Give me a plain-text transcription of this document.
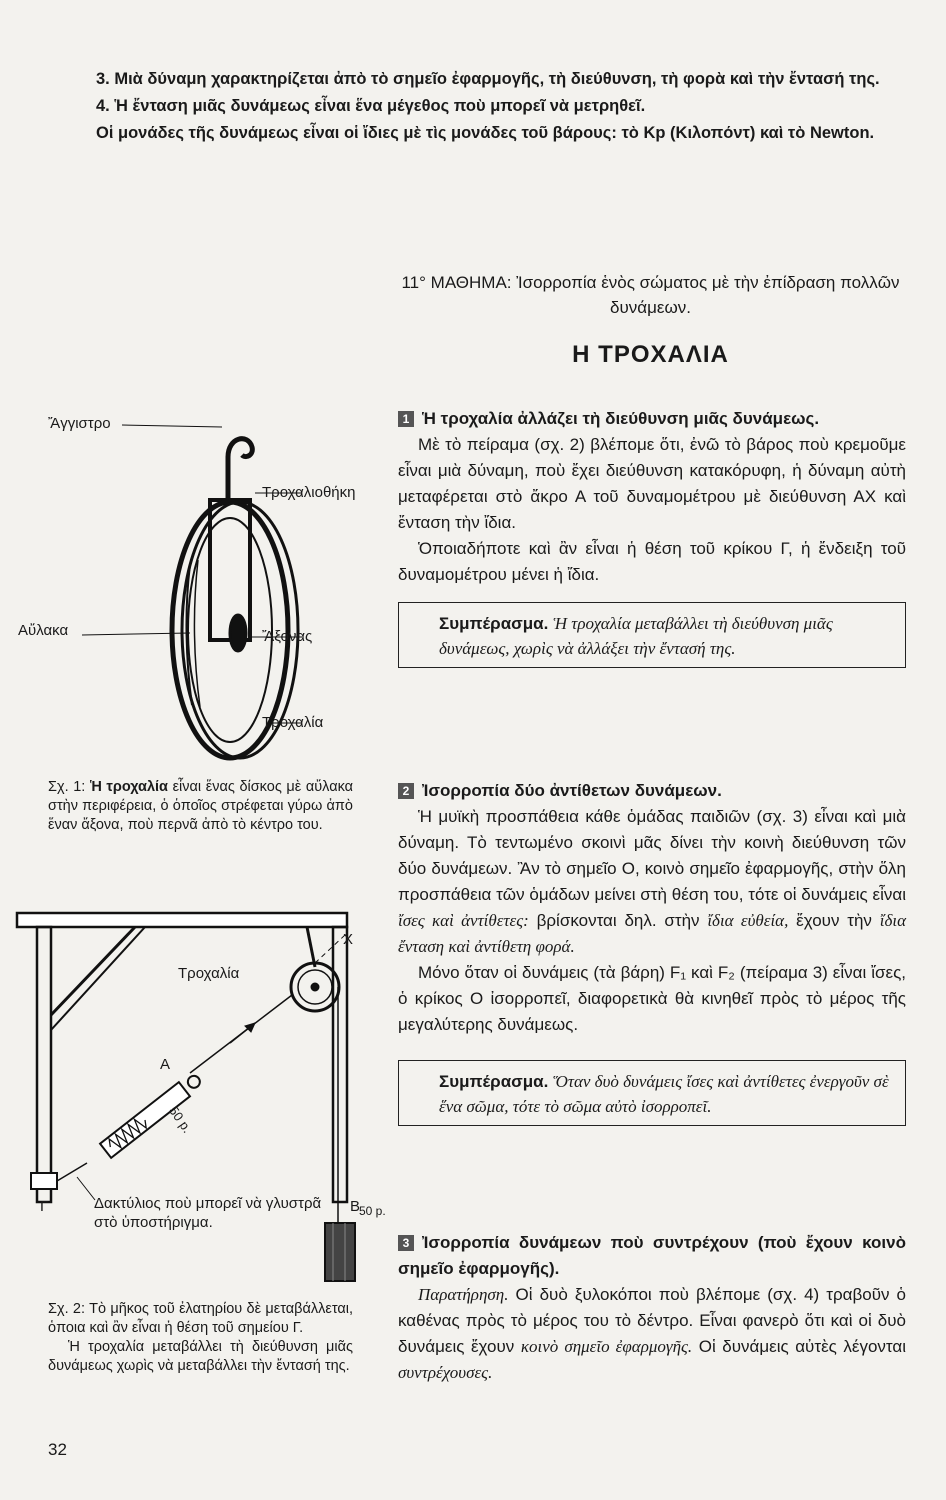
3. Μιὰ δύναμη χαρακτηρίζεται ἀπὸ τὸ σημεῖο ἐφαρμογῆς, τὴ διεύθυνση, τὴ φορὰ καὶ τὴν ἔντασή της.
4. Ἡ ἔνταση μιᾶς δυνάμεως εἶναι ἕνα μέγεθος ποὺ μπορεῖ νὰ μετρηθεῖ.
Οἱ μονάδες τῆς δυνάμεως εἶναι οἱ ἴδιες μὲ τὶς μονάδες τοῦ βάρους: τὸ Kp (Κιλοπόντ) καὶ τὸ Newton.
Ἄγγιστρο
Τροχαλιοθήκη
Αὔλακα	Ἄξονας
Τροχαλία
Σχ. 1: Ἡ τροχαλία εἶναι ἕνας δίσκος μὲ αὔλακα στὴν περιφέρεια, ὁ ὁποῖος στρέφεται γύρω ἀπὸ ἕναν ἄξονα, ποὺ περνᾶ ἀπὸ τὸ κέντρο του.
Τροχαλία
X
A
50 p.
Γ	B
50 p.
Δακτύλιος ποὺ μπορεῖ νὰ γλυστρᾶ στὸ ὑποστήριγμα.

Σχ. 2: Τὸ μῆκος τοῦ ἐλατηρίου δὲ μεταβάλλεται, ὁποια καὶ ἂν εἶναι ἡ θέση τοῦ σημείου Γ.

Ἡ τροχαλία μεταβάλλει τὴ διεύθυνση μιᾶς δυνάμεως χωρὶς νὰ μεταβάλλει τὴν ἔντασή της.

32
11° ΜΑΘΗΜΑ: Ἰσορροπία ἑνὸς σώματος μὲ τὴν ἐπίδραση πολλῶν δυνάμεων.
Η ΤΡΟΧΑΛΙΑ

1 Ἡ τροχαλία ἀλλάζει τὴ διεύθυνση μιᾶς δυνάμεως.

Μὲ τὸ πείραμα (σχ. 2) βλέπομε ὅτι, ἐνῶ τὸ βάρος ποὺ κρεμοῦμε εἶναι μιὰ δύναμη, ποὺ ἔχει διεύθυνση κατακόρυφη, ἡ δύναμη αὐτὴ μεταφέρεται στὸ ἄκρο Α τοῦ δυναμομέτρου μὲ διεύθυνση ΑΧ καὶ ἔνταση τὴν ἴδια.

Ὁποιαδήποτε καὶ ἂν εἶναι ἡ θέση τοῦ κρίκου Γ, ἡ ἔνδειξη τοῦ δυναμομέτρου μένει ἡ ἴδια.

Συμπέρασμα. Ἡ τροχαλία μεταβάλλει τὴ διεύθυνση μιᾶς δυνάμεως, χωρὶς νὰ ἀλλάξει τὴν ἔντασή της.

2 Ἰσορροπία δύο ἀντίθετων δυνάμεων.

Ἡ μυϊκὴ προσπάθεια κάθε ὁμάδας παιδιῶν (σχ. 3) εἶναι καὶ μιὰ δύναμη. Τὸ τεντωμένο σκοινὶ μᾶς δίνει τὴν κοινὴ διεύθυνση τῶν δύο δυνάμεων. Ἂν τὸ σημεῖο Ο, κοινὸ σημεῖο ἐφαρμογῆς, στὴν ὅλη προσπάθεια τῶν ὁμάδων μείνει στὴ θέση του, τότε οἱ δυνάμεις εἶναι ἴσες καὶ ἀντίθετες: βρίσκονται δηλ. στὴν ἴδια εὐθεία, ἔχουν τὴν ἴδια ἔνταση καὶ ἀντίθετη φορά.

Μόνο ὅταν οἱ δυνάμεις (τὰ βάρη) F₁ καὶ F₂ (πείραμα 3) εἶναι ἴσες, ὁ κρίκος Ο ἰσορροπεῖ, διαφορετικὰ θὰ κινηθεῖ πρὸς τὸ μέρος τῆς μεγαλύτερης δυνάμεως.

Συμπέρασμα. Ὅταν δυὸ δυνάμεις ἴσες καὶ ἀντίθετες ἐνεργοῦν σὲ ἕνα σῶμα, τότε τὸ σῶμα αὐτὸ ἰσορροπεῖ.

3 Ἰσορροπία δυνάμεων ποὺ συντρέχουν (ποὺ ἔχουν κοινὸ σημεῖο ἐφαρμογῆς).

Παρατήρηση. Οἱ δυὸ ξυλοκόποι ποὺ βλέπομε (σχ. 4) τραβοῦν ὁ καθένας πρὸς τὸ μέρος του τὸ δέντρο. Εἶναι φανερὸ ὅτι καὶ οἱ δυὸ δυνάμεις ἔχουν κοινὸ σημεῖο ἐφαρμογῆς. Οἱ δυνάμεις αὐτὲς λέγονται συντρέχουσες.
